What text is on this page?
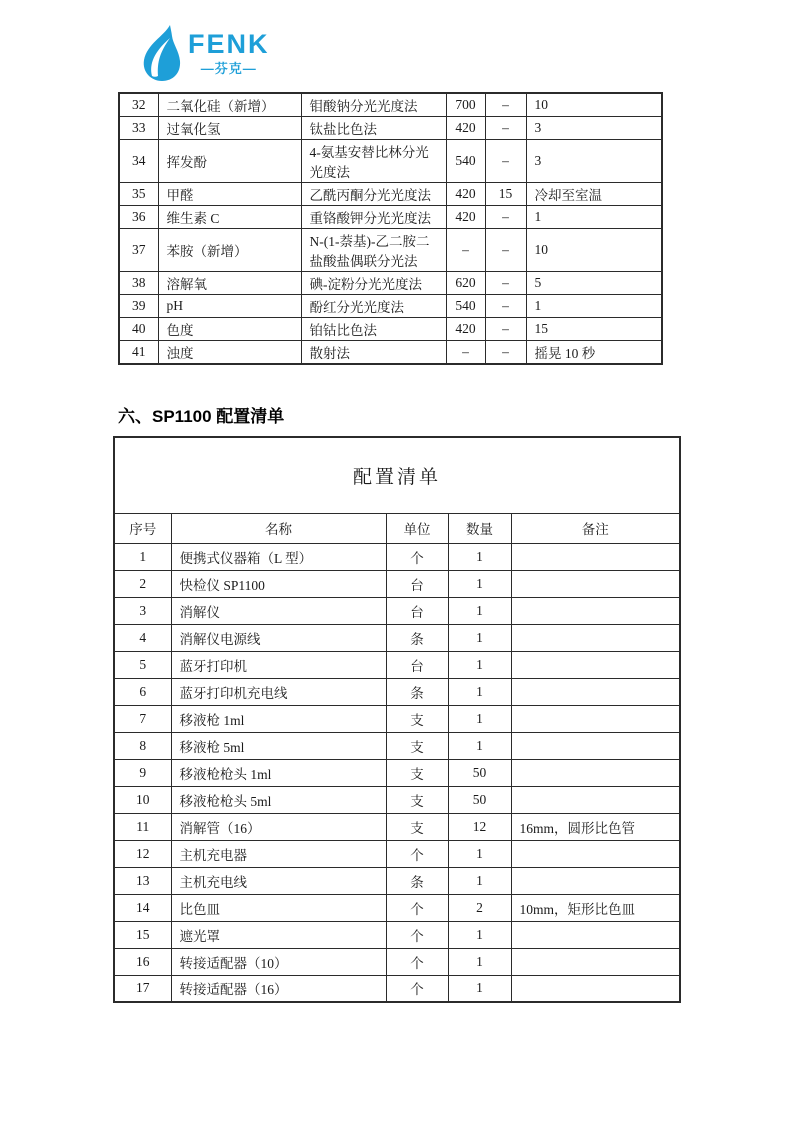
FENK
—芬克—
32	二氧化硅（新增）	钼酸钠分光光度法	700	–	10
33	过氧化氢	钛盐比色法	420	–	3
34	挥发酚	4-氨基安替比林分光光度法	540	–	3
35	甲醛	乙酰丙酮分光光度法	420	15	冷却至室温
36	维生素 C	重铬酸钾分光光度法	420	–	1
37	苯胺（新增）	N-(1-萘基)-乙二胺二盐酸盐偶联分光法	–	–	10
38	溶解氧	碘-淀粉分光光度法	620	–	5
39	pH	酚红分光光度法	540	–	1
40	色度	铂钴比色法	420	–	15
41	浊度	散射法	–	–	摇晃 10 秒
六、SP1100 配置清单
配置清单				
序号	名称	单位	数量	备注
1	便携式仪器箱（L 型）	个	1	
2	快检仪 SP1100	台	1	
3	消解仪	台	1	
4	消解仪电源线	条	1	
5	蓝牙打印机	台	1	
6	蓝牙打印机充电线	条	1	
7	移液枪 1ml	支	1	
8	移液枪 5ml	支	1	
9	移液枪枪头 1ml	支	50	
10	移液枪枪头 5ml	支	50	
11	消解管（16）	支	12	16mm，圆形比色管
12	主机充电器	个	1	
13	主机充电线	条	1	
14	比色皿	个	2	10mm，矩形比色皿
15	遮光罩	个	1	
16	转接适配器（10）	个	1	
17	转接适配器（16）	个	1	
